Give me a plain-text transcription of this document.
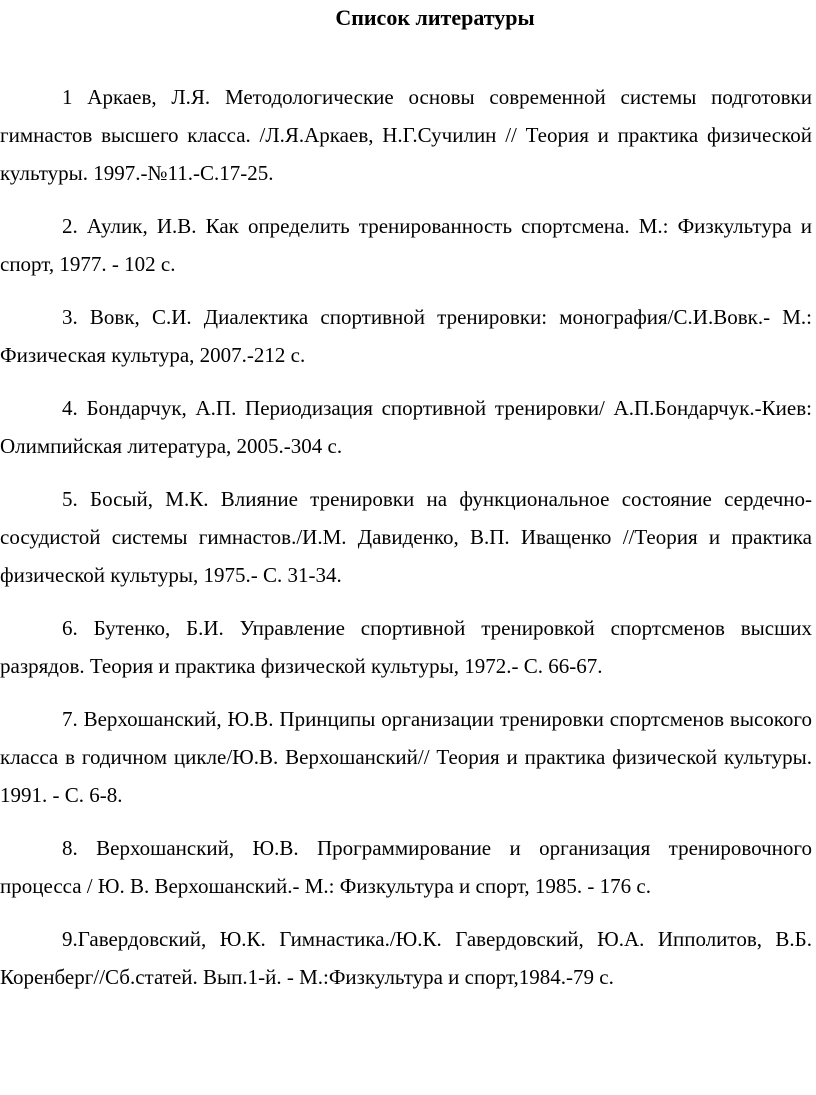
Список литературы

1 Аркаев, Л.Я. Методологические основы современной системы подготовки гимнастов высшего класса. /Л.Я.Аркаев, Н.Г.Сучилин // Теория и практика физической культуры. 1997.-№11.-С.17-25.

2. Аулик, И.В. Как определить тренированность спортсмена. М.: Физкультура и спорт, 1977. - 102 с.

3. Вовк, С.И. Диалектика спортивной тренировки: монография/С.И.Вовк.- М.: Физическая культура, 2007.-212 с.

4. Бондарчук, А.П. Периодизация спортивной тренировки/ А.П.Бондарчук.-Киев: Олимпийская литература, 2005.-304 с.

5. Босый, М.К. Влияние тренировки на функциональное состояние сердечно-сосудистой системы гимнастов./И.М. Давиденко, В.П. Иващенко //Теория и практика физической культуры, 1975.- С. 31-34.

6. Бутенко, Б.И. Управление спортивной тренировкой спортсменов высших разрядов. Теория и практика физической культуры, 1972.- С. 66-67.

7. Верхошанский, Ю.В. Принципы организации тренировки спортсменов высокого класса в годичном цикле/Ю.В. Верхошанский// Теория и практика физической культуры. 1991. - С. 6-8.

8. Верхошанский, Ю.В. Программирование и организация тренировочного процесса / Ю. В. Верхошанский.- М.: Физкультура и спорт, 1985. - 176 с.

9.Гавердовский, Ю.К. Гимнастика./Ю.К. Гавердовский, Ю.А. Ипполитов, В.Б. Коренберг//Сб.статей. Вып.1-й. - М.:Физкультура и спорт,1984.-79 с.
